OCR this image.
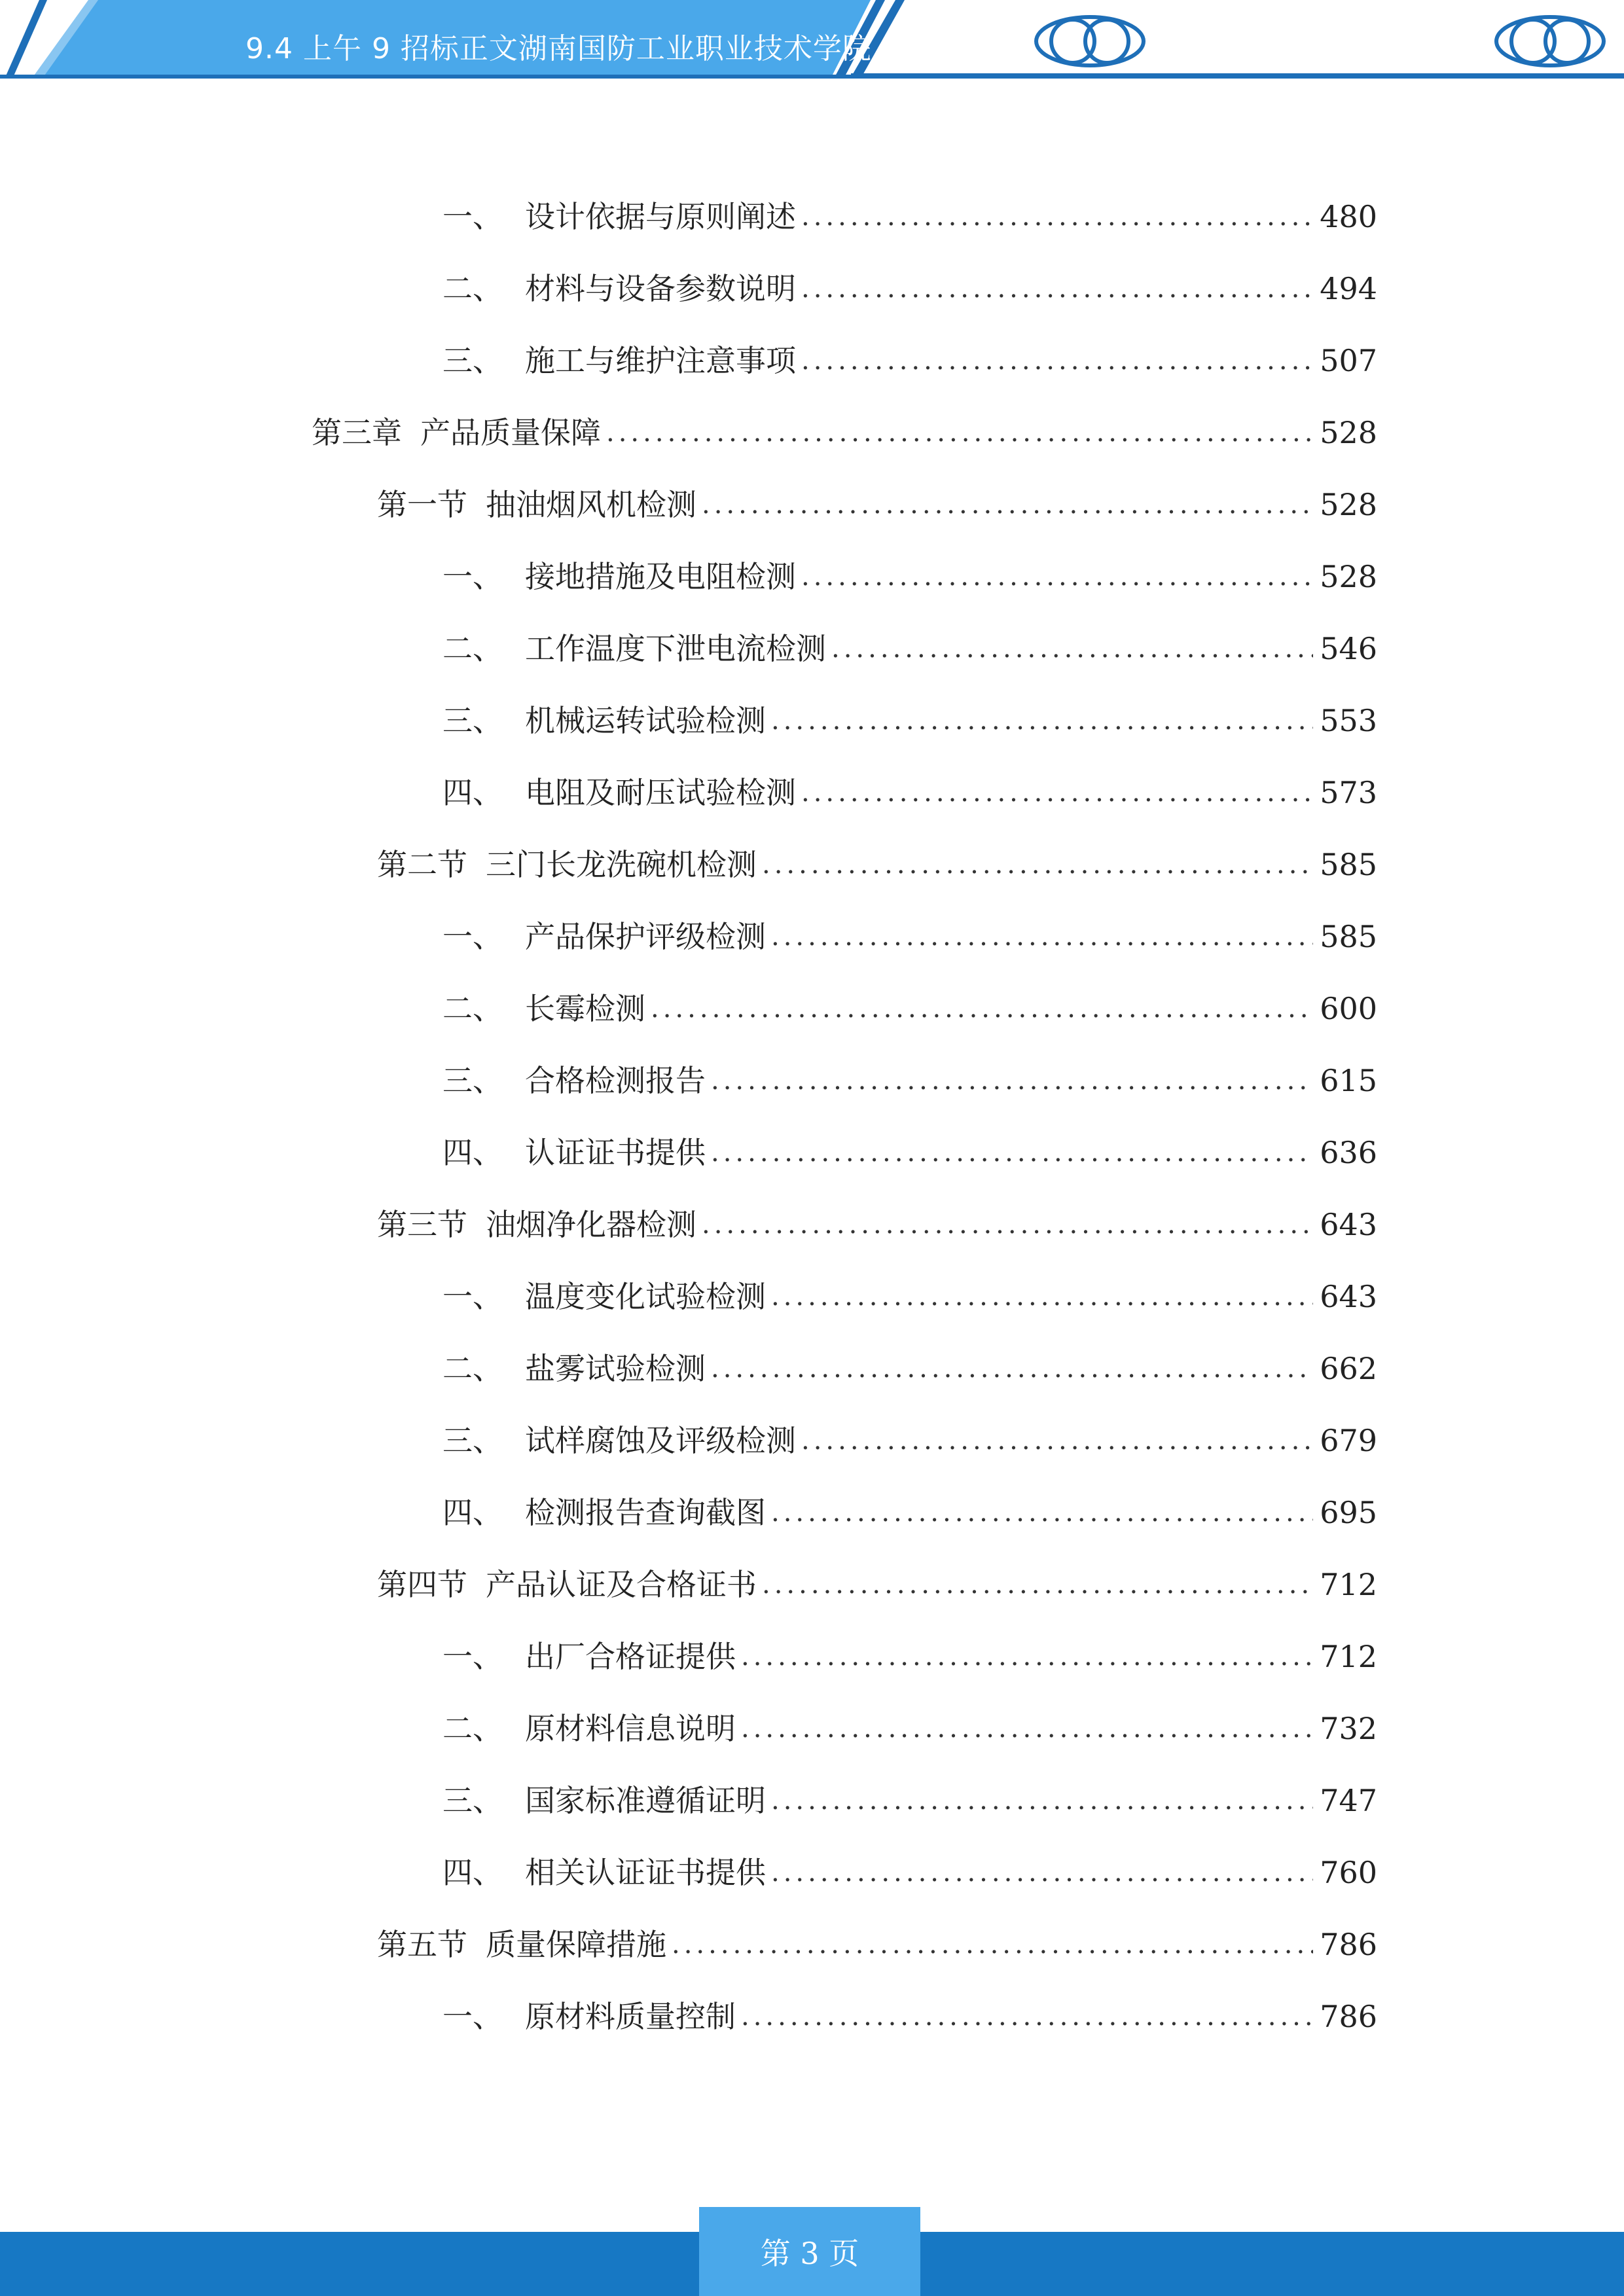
9.4 上午 9 招标正文湖南国防工业职业技术学院
一、 设计依据与原则阐述 .....	480
二、 材料与设备参数说明 .....	494
三、 施工与维护注意事项 .....	507
第三章 产品质量保障 .....	528
第一节 抽油烟风机检测 .....	528
一、 接地措施及电阻检测 .....	528
二、 工作温度下泄电流检测 .....	546
三、 机械运转试验检测 .....	553
四、 电阻及耐压试验检测 .....	573
第二节 三门长龙洗碗机检测 .....	585
一、 产品保护评级检测 .....	585
二、 长霉检测 .....	600
三、 合格检测报告 .....	615
四、 认证证书提供 .....	636
第三节 油烟净化器检测 .....	643
一、 温度变化试验检测 .....	643
二、 盐雾试验检测 .....	662
三、 试样腐蚀及评级检测 .....	679
四、 检测报告查询截图 .....	695
第四节 产品认证及合格证书 .....	712
一、 出厂合格证提供 .....	712
二、 原材料信息说明 .....	732
三、 国家标准遵循证明 .....	747
四、 相关认证证书提供 .....	760
第五节 质量保障措施 .....	786
一、 原材料质量控制 .....	786
第 3 页
